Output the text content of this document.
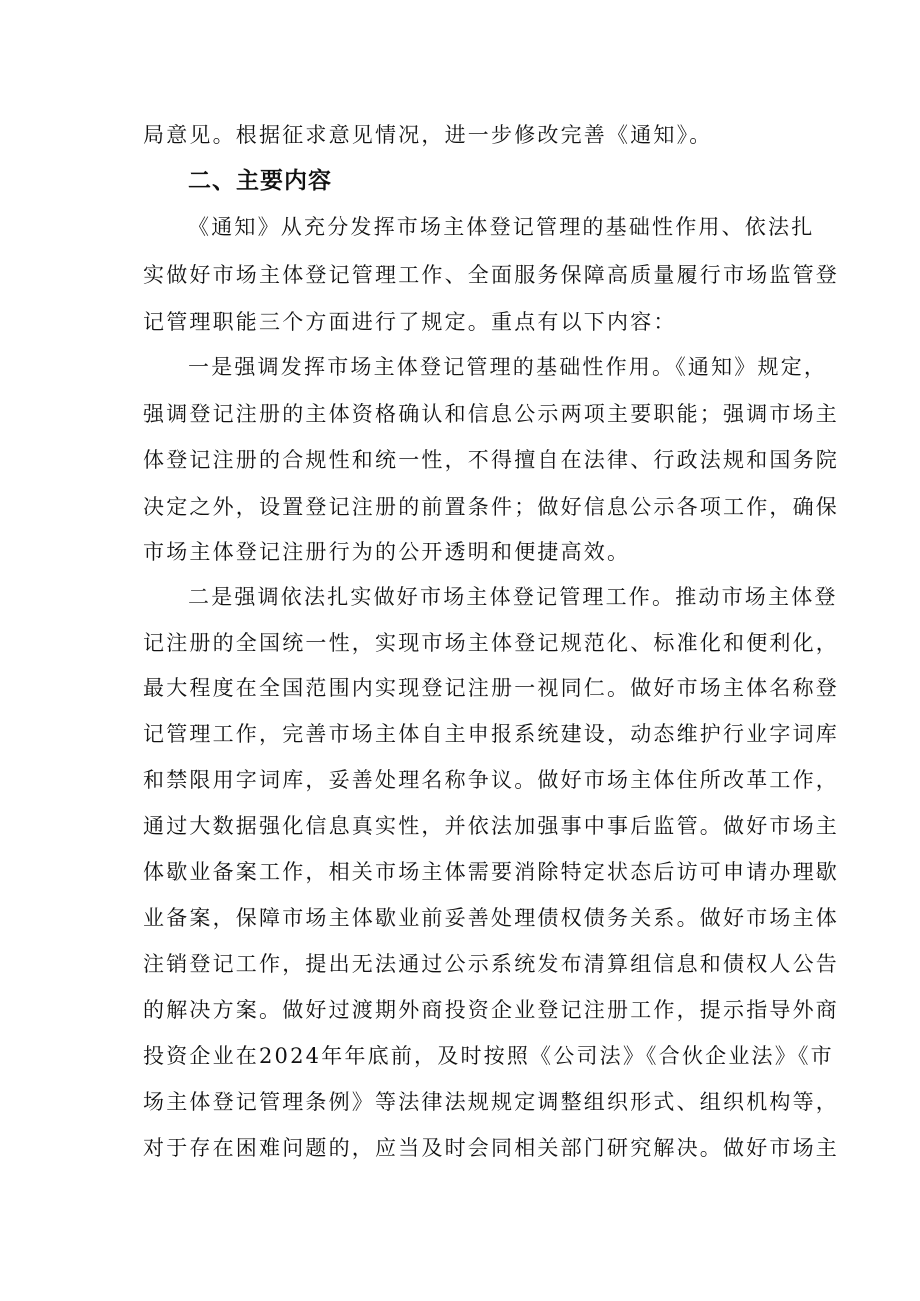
局意见。根据征求意见情况，进一步修改完善《通知》。
二、主要内容
《通知》从充分发挥市场主体登记管理的基础性作用、依法扎
实做好市场主体登记管理工作、全面服务保障高质量履行市场监管登
记管理职能三个方面进行了规定。重点有以下内容：
一是强调发挥市场主体登记管理的基础性作用。《通知》规定，
强调登记注册的主体资格确认和信息公示两项主要职能；强调市场主
体登记注册的合规性和统一性，不得擅自在法律、行政法规和国务院
决定之外，设置登记注册的前置条件；做好信息公示各项工作，确保
市场主体登记注册行为的公开透明和便捷高效。
二是强调依法扎实做好市场主体登记管理工作。推动市场主体登
记注册的全国统一性，实现市场主体登记规范化、标准化和便利化，
最大程度在全国范围内实现登记注册一视同仁。做好市场主体名称登
记管理工作，完善市场主体自主申报系统建设，动态维护行业字词库
和禁限用字词库，妥善处理名称争议。做好市场主体住所改革工作，
通过大数据强化信息真实性，并依法加强事中事后监管。做好市场主
体歇业备案工作，相关市场主体需要消除特定状态后访可申请办理歇
业备案，保障市场主体歇业前妥善处理债权债务关系。做好市场主体
注销登记工作，提出无法通过公示系统发布清算组信息和债权人公告
的解决方案。做好过渡期外商投资企业登记注册工作，提示指导外商
投资企业在2024年年底前，及时按照《公司法》《合伙企业法》《市
场主体登记管理条例》等法律法规规定调整组织形式、组织机构等，
对于存在困难问题的，应当及时会同相关部门研究解决。做好市场主
